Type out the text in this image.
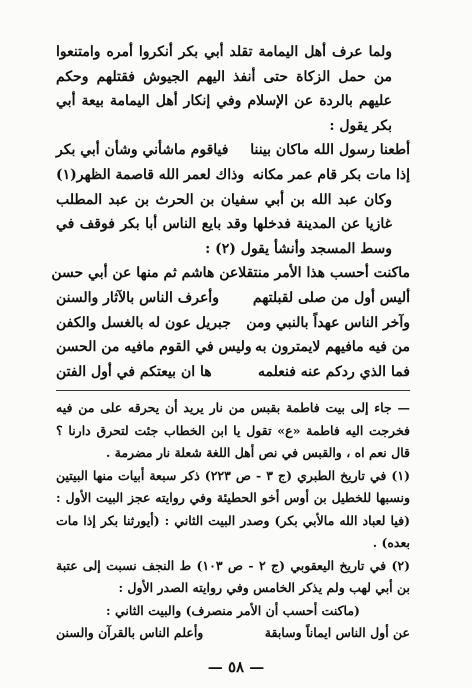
ولما عرف أهل اليمامة تقلد أبي بكر أنكروا أمره وامتنعوا من حمل الزكاة حتى أنفذ اليهم الجيوش فقتلهم وحكم عليهم بالردة عن الإسلام وفي إنكار أهل اليمامة بيعة أبي بكر يقول :

أطعنا رسول الله ماكان بيننا
فياقوم ماشأني وشأن أبي بكر
إذا مات بكر قام عمر مكانه
وذاك لعمر الله قاصمة الظهر(١)

وكان عبد الله بن أبي سفيان بن الحرث بن عبد المطلب غازيا عن المدينة فدخلها وقد بايع الناس أبا بكر فوقف في وسط المسجد وأنشأ يقول (٢) :

ماكنت أحسب هذا الأمر منتقلا
عن هاشم ثم منها عن أبي حسن
أليس أول من صلى لقبلتهم
وأعرف الناس بالآثار والسنن
وآخر الناس عهداً بالنبي ومن
جبريل عون له بالغسل والكفن
من فيه مافيهم لايمترون به
وليس في القوم مافيه من الحسن
فما الذي ردكم عنه فنعلمه
ها ان بيعتكم في أول الفتن

— جاء إلى بيت فاطمة بقبس من نار يريد أن يحرقه على من فيه فخرجت اليه فاطمة «ع» تقول يا ابن الخطاب جئت لتحرق دارنا ؟ قال نعم اه ، والقبس في نص أهل اللغة شعلة نار مضرمة .

(١) في تاريخ الطبري (ج ٣ - ص ٢٢٣) ذكر سبعة أبيات منها البيتين ونسبها للخطيل بن أوس أخو الحطيئة وفي روايته عجز البيت الأول : (فيا لعباد الله مالأبي بكر) وصدر البيت الثاني : (أيورثنا بكر إذا مات بعده) .

(٢) في تاريخ اليعقوبي (ج ٢ - ص ١٠٣) ط النجف نسبت إلى عتبة بن أبي لهب ولم يذكر الخامس وفي روايته الصدر الأول :

(ماكنت أحسب أن الأمر منصرف) والبيت الثاني :

عن أول الناس ايماناً وسابقة
وأعلم الناس بالقرآن والسنن
— ٥٨ —
